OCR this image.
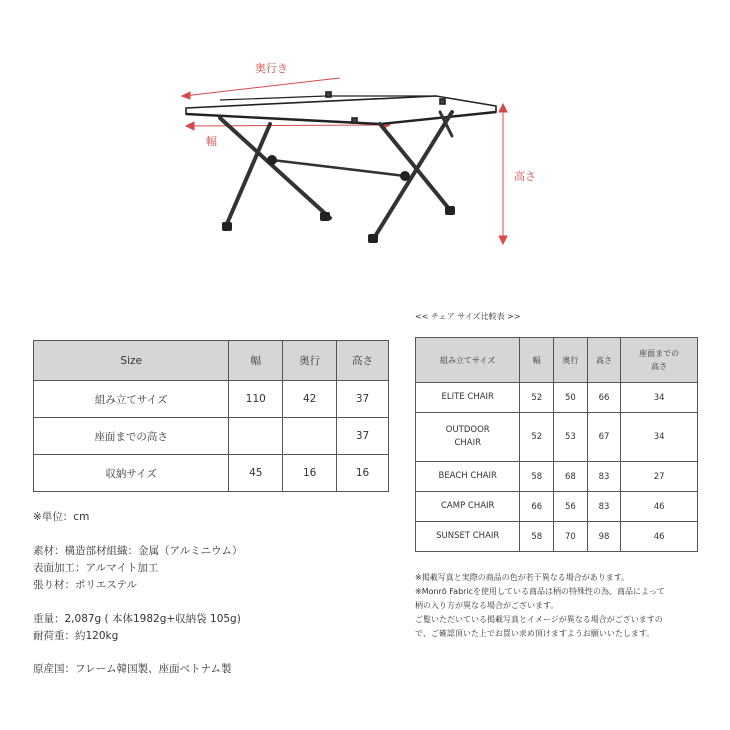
奥行き
幅
高さ
Size	幅	奥行	高さ
組み立てサイズ	110	42	37
座面までの高さ			37
収納サイズ	45	16	16
※単位：cm
素材：構造部材組織：金属（アルミニウム）
表面加工：アルマイト加工
張り材：ポリエステル
重量：2,087g ( 本体1982g+収納袋 105g)
耐荷重：約120kg
原産国：フレーム韓国製、座面ベトナム製
<< チェア サイズ比較表 >>
組み立てサイズ	幅	奥行	高さ	座面までの
高さ
ELITE CHAIR	52	50	66	34
OUTDOOR
CHAIR	52	53	67	34
BEACH CHAIR	58	68	83	27
CAMP CHAIR	66	56	83	46
SUNSET CHAIR	58	70	98	46
※掲載写真と実際の商品の色が若干異なる場合があります。
※Monrō Fabricを使用している商品は柄の特殊性の為、商品によって
柄の入り方が異なる場合がございます。
ご覧いただいている掲載写真とイメージが異なる場合がございますの
で、ご確認頂いた上でお買い求め頂けますようお願いいたします。
